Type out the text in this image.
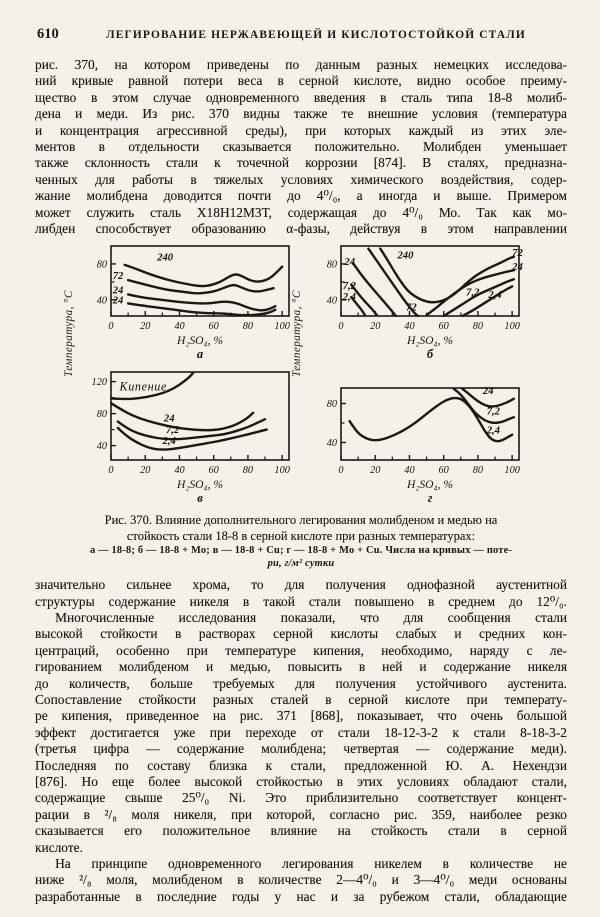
610	ЛЕГИРОВАНИЕ НЕРЖАВЕЮЩЕЙ И КИСЛОТОСТОЙКОЙ СТАЛИ
рис. 370, на котором приведены по данным разных немецких исследова-
ний кривые равной потери веса в серной кислоте, видно особое преиму-
щество в этом случае одновременного введения в сталь типа 18-8 молиб-
дена и меди. Из рис. 370 видны также те внешние условия (температура
и концентрация агрессивной среды), при которых каждый из этих эле-
ментов в отдельности сказывается положительно. Молибден уменьшает
также склонность стали к точечной коррозии [874]. В сталях, предназна-
ченных для работы в тяжелых условиях химического воздействия, содер-
жание молибдена доводится почти до 4⁰/₀, а иногда и выше. Примером
может служить сталь Х18Н12М3Т, содержащая до 4⁰/₀ Мо. Так как мо-
либден способствует образованию α-фазы, действуя в этом направлении
Температура, °С	Температура, °С
0	20 40 60 80 100
40
80
240
72
24
24
H₂SO₄, %
а
0	20 40 60 80 100
40
80
240
24
7,2
2,4
72
72
24
7,2 2,4
H₂SO₄, %
б
0	20 40 60 80 100
40
80
120 Кипение
24
7,2
2,4
H₂SO₄, %
в
0	20 40 60 80 100
40
80
24
7,2
2,4
H₂SO₄, %
г
Рис. 370. Влияние дополнительного легирования молибденом и медью на
стойкость стали 18-8 в серной кислоте при разных температурах:
а — 18-8; б — 18-8 + Мо; в — 18-8 + Cu; г — 18-8 + Мо + Cu. Числа на кривых — поте-
ри, г/м² сутки
значительно сильнее хрома, то для получения однофазной аустенитной
структуры содержание никеля в такой стали повышено в среднем до 12⁰/₀.
  Многочисленные исследования показали, что для сообщения стали
высокой стойкости в растворах серной кислоты слабых и средних кон-
центраций, особенно при температуре кипения, необходимо, наряду с ле-
гированием молибденом и медью, повысить в ней и содержание никеля
до количеств, больше требуемых для получения устойчивого аустенита.
Сопоставление стойкости разных сталей в серной кислоте при температу-
ре кипения, приведенное на рис. 371 [868], показывает, что очень большой
эффект достигается уже при переходе от стали 18-12-3-2 к стали 8-18-3-2
(третья цифра — содержание молибдена; четвертая — содержание меди).
Последняя по составу близка к стали, предложенной Ю. А. Нехендзи
[876]. Но еще более высокой стойкостью в этих условиях обладают стали,
содержащие свыше 25⁰/₀ Ni. Это приблизительно соответствует концент-
рации в ²/₈ моля никеля, при которой, согласно рис. 359, наиболее резко
сказывается его положительное влияние на стойкость стали в серной
кислоте.
  На принципе одновременного легирования никелем в количестве не
ниже ²/₈ моля, молибденом в количестве 2—4⁰/₀ и 3—4⁰/₀ меди основаны
разработанные в последние годы у нас и за рубежом стали, обладающие
